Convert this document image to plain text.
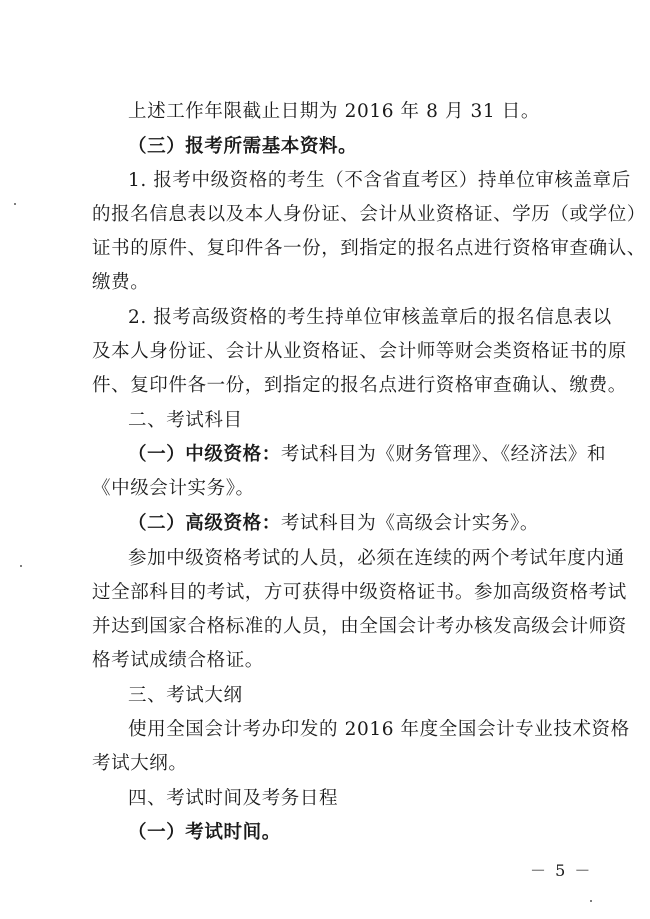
上述工作年限截止日期为 2016 年 8 月 31 日。
（三）报考所需基本资料。
1. 报考中级资格的考生（不含省直考区）持单位审核盖章后
的报名信息表以及本人身份证、会计从业资格证、学历（或学位）
证书的原件、复印件各一份，到指定的报名点进行资格审查确认、
缴费。
2. 报考高级资格的考生持单位审核盖章后的报名信息表以
及本人身份证、会计从业资格证、会计师等财会类资格证书的原
件、复印件各一份，到指定的报名点进行资格审查确认、缴费。
二、考试科目
（一）中级资格：考试科目为《财务管理》、《经济法》和
《中级会计实务》。
（二）高级资格：考试科目为《高级会计实务》。
参加中级资格考试的人员，必须在连续的两个考试年度内通
过全部科目的考试，方可获得中级资格证书。参加高级资格考试
并达到国家合格标准的人员，由全国会计考办核发高级会计师资
格考试成绩合格证。
三、考试大纲
使用全国会计考办印发的 2016 年度全国会计专业技术资格
考试大纲。
四、考试时间及考务日程
（一）考试时间。
－ 5 －
